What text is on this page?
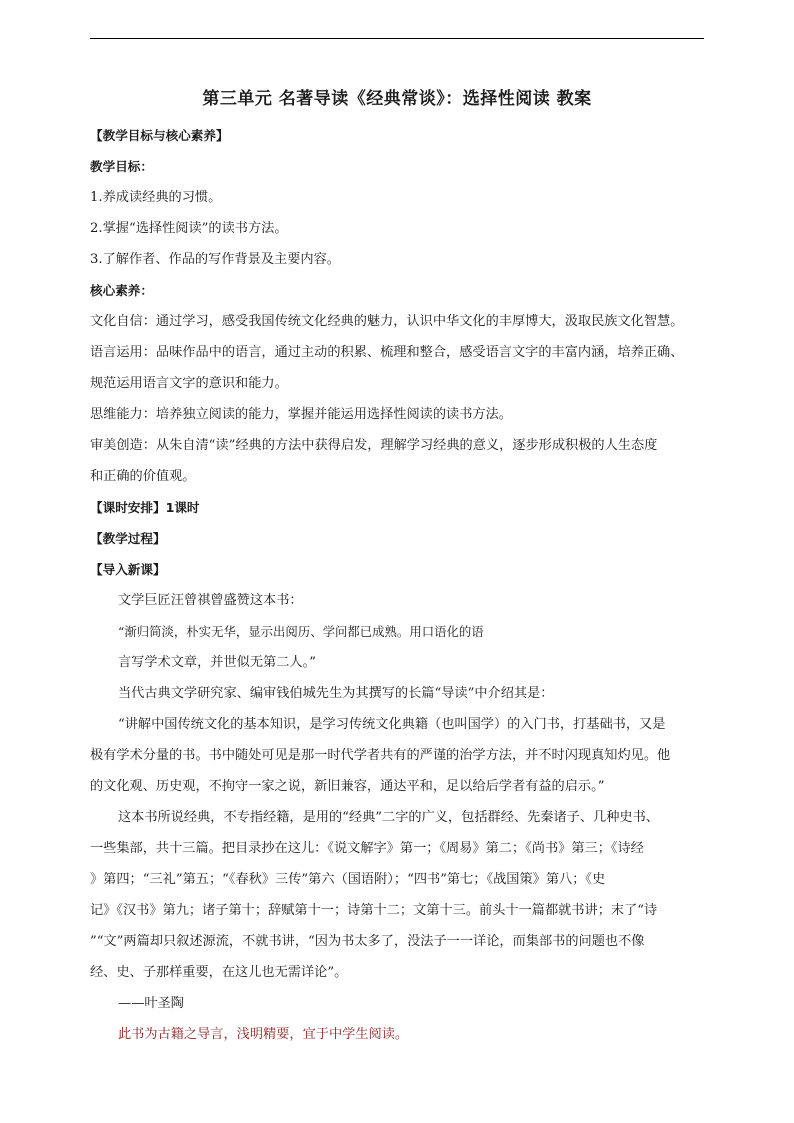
第三单元 名著导读《经典常谈》：选择性阅读 教案

【教学目标与核心素养】

教学目标：

1.养成读经典的习惯。

2.掌握“选择性阅读”的读书方法。

3.了解作者、作品的写作背景及主要内容。

核心素养：

文化自信：通过学习，感受我国传统文化经典的魅力，认识中华文化的丰厚博大，汲取民族文化智慧。

语言运用：品味作品中的语言，通过主动的积累、梳理和整合，感受语言文字的丰富内涵，培养正确、

规范运用语言文字的意识和能力。

思维能力：培养独立阅读的能力，掌握并能运用选择性阅读的读书方法。

审美创造：从朱自清“读”经典的方法中获得启发，理解学习经典的意义，逐步形成积极的人生态度

和正确的价值观。

【课时安排】1课时

【教学过程】

【导入新课】

文学巨匠汪曾祺曾盛赞这本书：

“渐归简淡，朴实无华，显示出阅历、学问都已成熟。用口语化的语

言写学术文章，并世似无第二人。”

当代古典文学研究家、编审钱伯城先生为其撰写的长篇“导读”中介绍其是：

“讲解中国传统文化的基本知识，是学习传统文化典籍（也叫国学）的入门书，打基础书，又是

极有学术分量的书。书中随处可见是那一时代学者共有的严谨的治学方法，并不时闪现真知灼见。他

的文化观、历史观，不拘守一家之说，新旧兼容，通达平和，足以给后学者有益的启示。”

这本书所说经典，不专指经籍，是用的“经典”二字的广义，包括群经、先秦诸子、几种史书、

一些集部，共十三篇。把目录抄在这儿：《说文解字》第一；《周易》第二；《尚书》第三；《诗经

》第四；“三礼”第五；“《春秋》三传”第六（国语附）；“四书”第七；《战国策》第八；《史

记》《汉书》第九；诸子第十；辞赋第十一；诗第十二；文第十三。前头十一篇都就书讲；末了“诗

”“文”两篇却只叙述源流，不就书讲，“因为书太多了，没法子一一详论，而集部书的问题也不像

经、史、子那样重要，在这儿也无需详论”。

——叶圣陶

此书为古籍之导言，浅明精要，宜于中学生阅读。
